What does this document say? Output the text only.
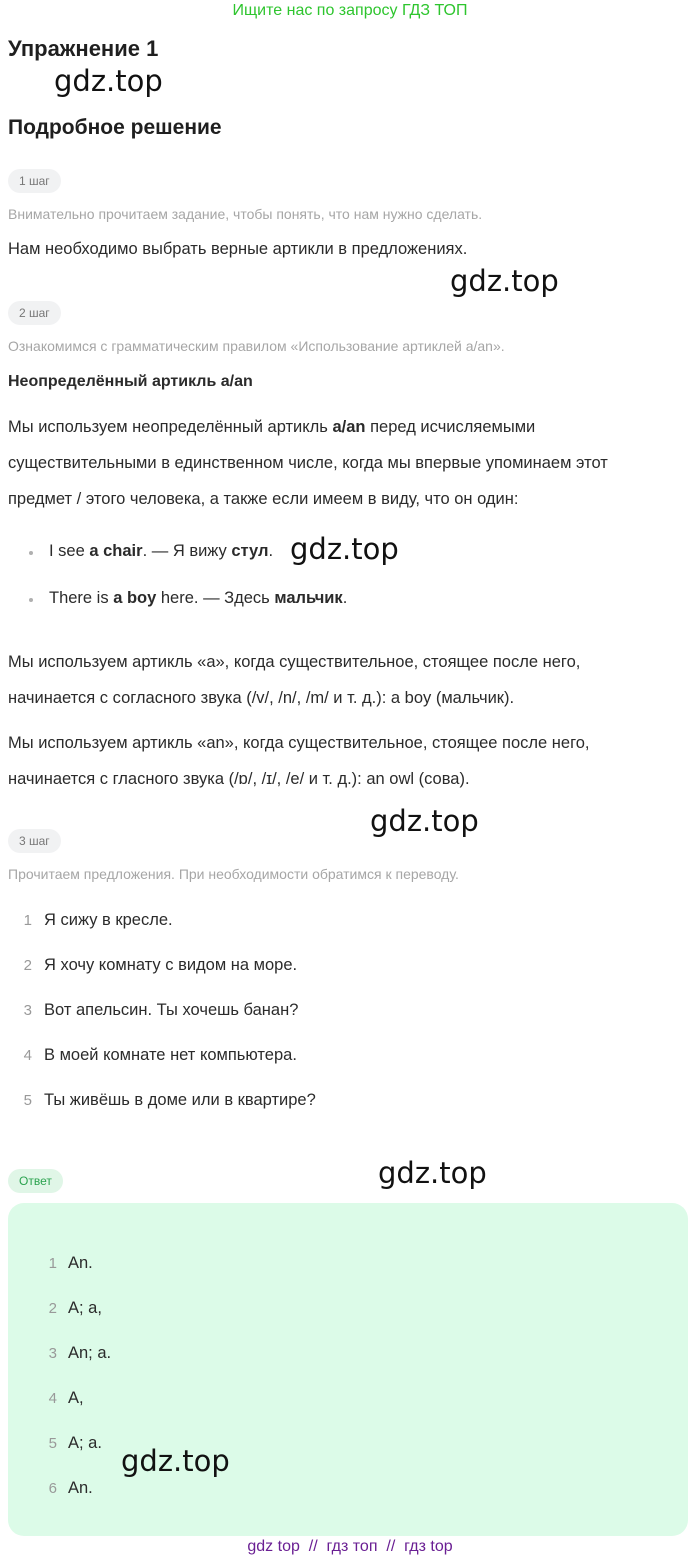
Ищите нас по запросу ГДЗ ТОП
Упражнение 1
gdz.top
Подробное решение
1 шаг
Внимательно прочитаем задание, чтобы понять, что нам нужно сделать.
Нам необходимо выбрать верные артикли в предложениях.
gdz.top
2 шаг
Ознакомимся с грамматическим правилом «Использование артиклей a/an».
Неопределённый артикль a/an
Мы используем неопределённый артикль a/an перед исчисляемыми
существительными в единственном числе, когда мы впервые упоминаем этот
предмет / этого человека, а также если имеем в виду, что он один:
I see a chair. — Я вижу стул. gdz.top
There is a boy here. — Здесь мальчик.
Мы используем артикль «a», когда существительное, стоящее после него,
начинается с согласного звука (/v/, /n/, /m/ и т. д.): a boy (мальчик).
Мы используем артикль «an», когда существительное, стоящее после него,
начинается с гласного звука (/ɒ/, /ɪ/, /e/ и т. д.): an owl (сова).
gdz.top
3 шаг
Прочитаем предложения. При необходимости обратимся к переводу.
1 Я сижу в кресле.
2 Я хочу комнату с видом на море.
3 Вот апельсин. Ты хочешь банан?
4 В моей комнате нет компьютера.
5 Ты живёшь в доме или в квартире?
gdz.top
Ответ
1 An.
2 A; a,
3 An; a.
4 A,
5 A; a.
6 An.
gdz.top
gdz top  //  гдз топ  //  гдз top
